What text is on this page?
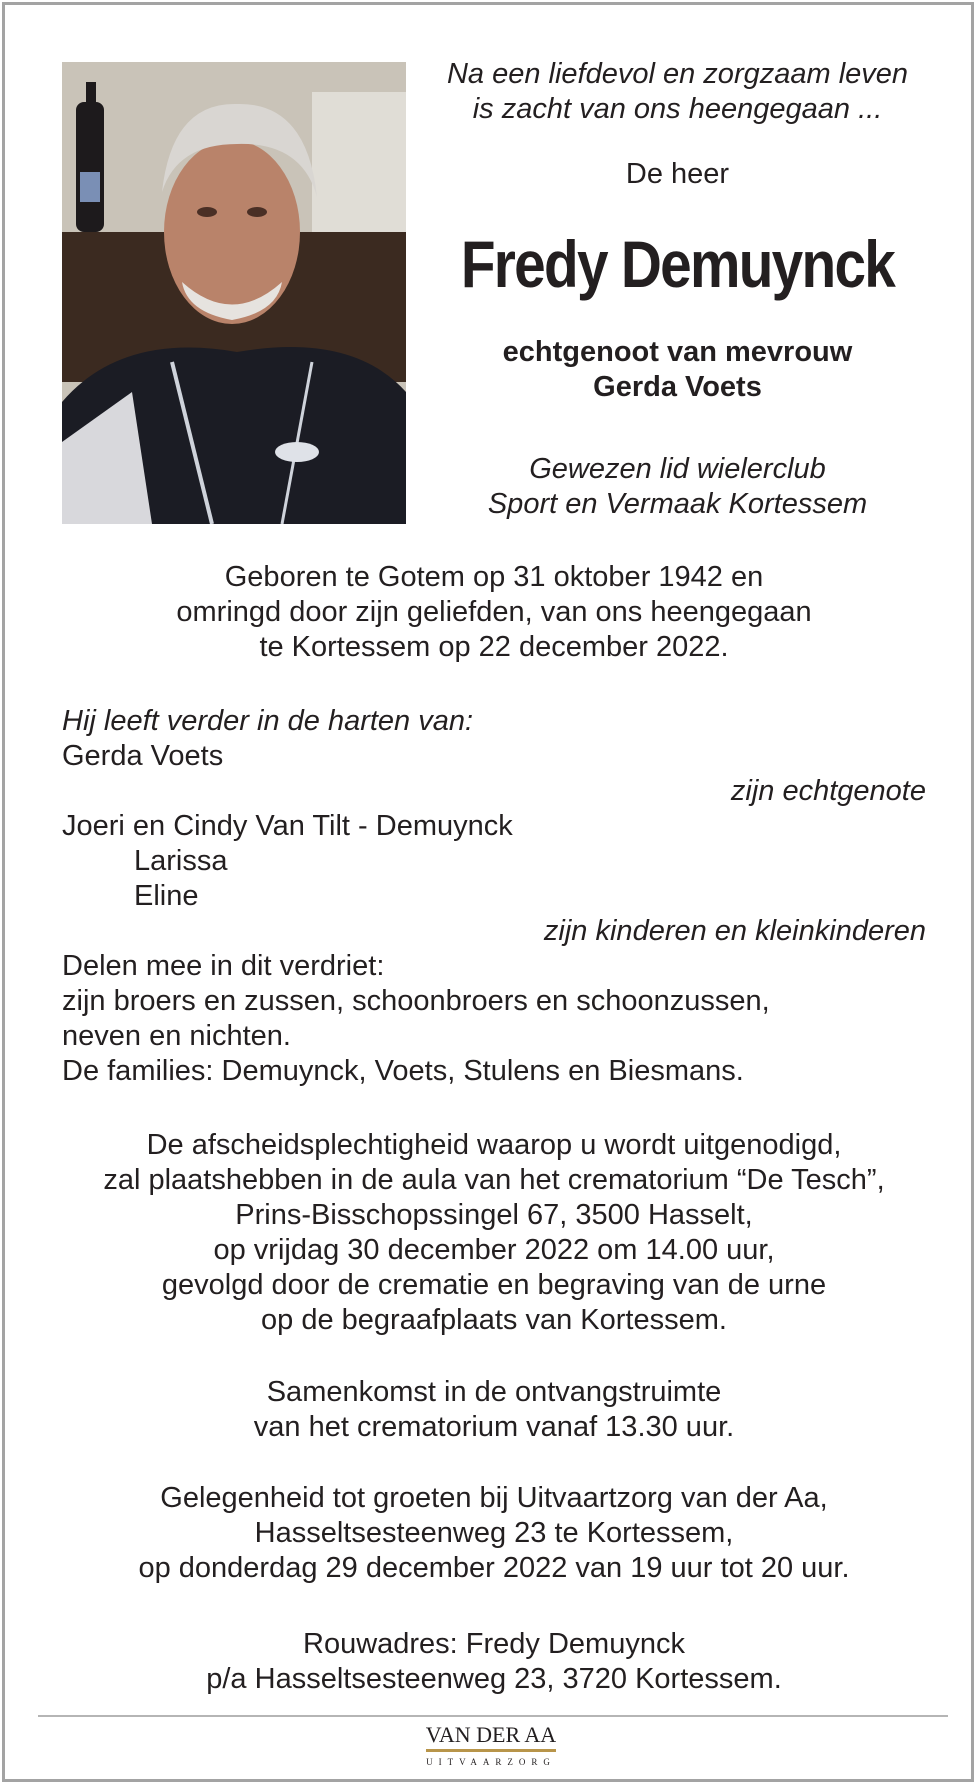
Na een liefdevol en zorgzaam leven

is zacht van ons heengegaan ...

De heer

Fredy Demuynck

echtgenoot van mevrouw

Gerda Voets

Gewezen lid wielerclub

Sport en Vermaak Kortessem

Geboren te Gotem op 31 oktober 1942 en

omringd door zijn geliefden, van ons heengegaan

te Kortessem op 22 december 2022.

Hij leeft verder in de harten van:

Gerda Voets

zijn echtgenote

Joeri en Cindy Van Tilt - Demuynck

Larissa

Eline

zijn kinderen en kleinkinderen

Delen mee in dit verdriet:

zijn broers en zussen, schoonbroers en schoonzussen,

neven en nichten.

De families: Demuynck, Voets, Stulens en Biesmans.

De afscheidsplechtigheid waarop u wordt uitgenodigd,

zal plaatshebben in de aula van het crematorium “De Tesch”,

Prins-Bisschopssingel 67, 3500 Hasselt,

op vrijdag 30 december 2022 om 14.00 uur,

gevolgd door de crematie en begraving van de urne

op de begraafplaats van Kortessem.

Samenkomst in de ontvangstruimte

van het crematorium vanaf 13.30 uur.

Gelegenheid tot groeten bij Uitvaartzorg van der Aa,

Hasseltsesteenweg 23 te Kortessem,

op donderdag 29 december 2022 van 19 uur tot 20 uur.

Rouwadres: Fredy Demuynck

p/a Hasseltsesteenweg 23, 3720 Kortessem.

VAN DER AA
UITVAARZORG
